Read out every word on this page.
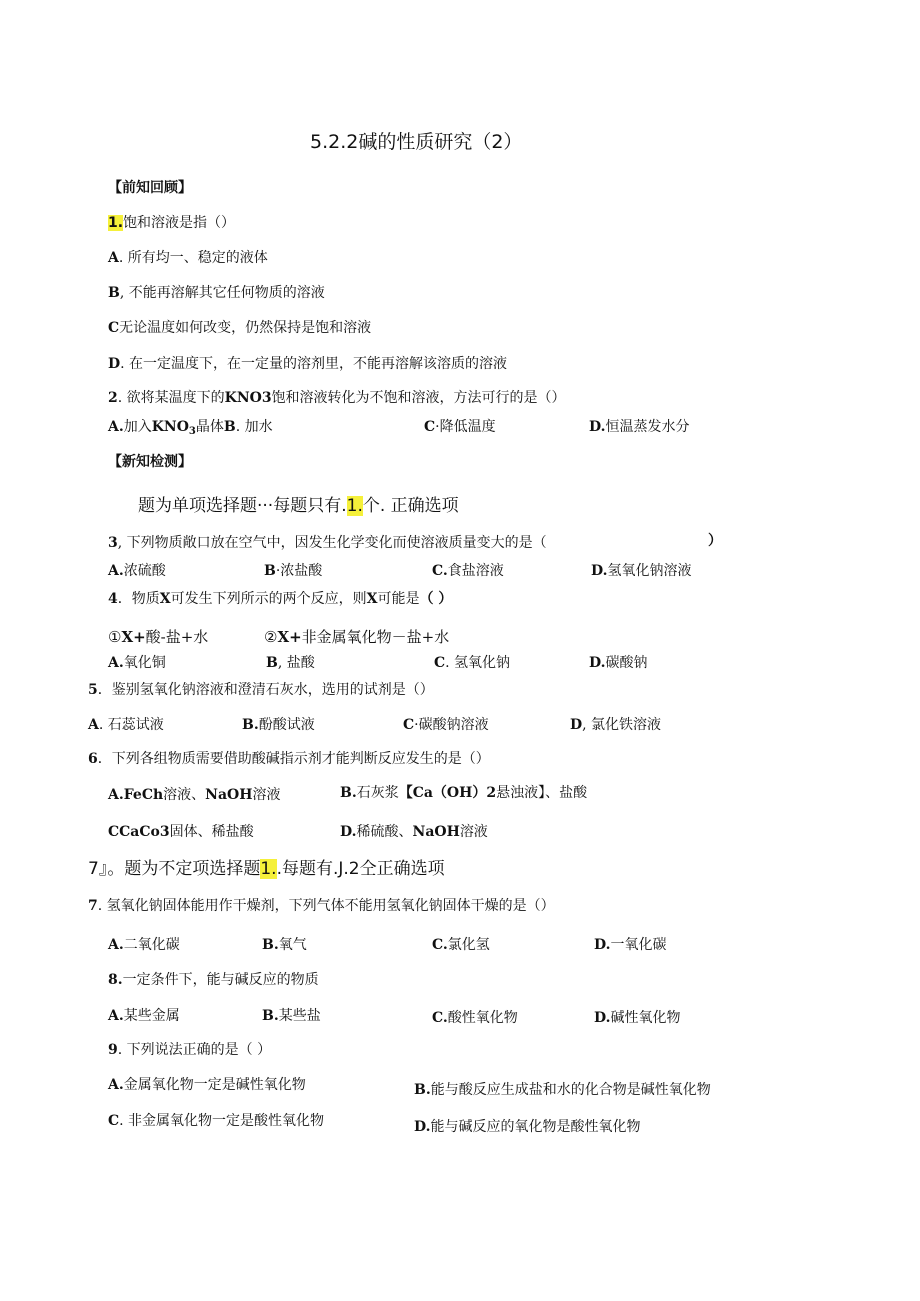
5.2.2碱的性质研究（2）
【前知回顾】
1.饱和溶液是指（）
A. 所有均一、稳定的液体
B, 不能再溶解其它任何物质的溶液
C无论温度如何改变，仍然保持是饱和溶液
D. 在一定温度下，在一定量的溶剂里，不能再溶解该溶质的溶液
2. 欲将某温度下的KNO3饱和溶液转化为不饱和溶液，方法可行的是（）
A.加入$KNO_3$晶体B. 加水	C·降低温度	D.恒温蒸发水分
【新知检测】
题为单项选择题···每题只有.1.个. 正确选项
3, 下列物质敞口放在空气中，因发生化学变化而使溶液质量变大的是（	）
A.浓硫酸	B·浓盐酸	C.食盐溶液	D.氢氧化钠溶液
4．物质X可发生下列所示的两个反应，则X可能是（ ）
①X+酸-盐+水	②X+非金属氧化物－盐+水
A.氧化铜	B, 盐酸	C. 氢氧化钠	D.碳酸钠
5．鉴别氢氧化钠溶液和澄清石灰水，选用的试剂是（）
A. 石蕊试液	B.酚酸试液	C·碳酸钠溶液	D, 氯化铁溶液
6．下列各组物质需要借助酸碱指示剂才能判断反应发生的是（）
A.FeCh溶液、NaOH溶液	B.石灰浆【Ca（OH）2悬浊液】、盐酸
CCaCo3固体、稀盐酸	D.稀硫酸、NaOH溶液
7』。题为不定项选择题1..每题有.J.2仝正确选项
7. 氢氧化钠固体能用作干燥剂，下列气体不能用氢氧化钠固体干燥的是（）
A.二氧化碳	B.氧气	C.氯化氢	D.一氧化碳
8.一定条件下，能与碱反应的物质
A.某些金属	B.某些盐	C.酸性氧化物	D.碱性氧化物
9. 下列说法正确的是（ ）
A.金属氧化物一定是碱性氧化物	B.能与酸反应生成盐和水的化合物是碱性氧化物
C. 非金属氧化物一定是酸性氧化物	D.能与碱反应的氧化物是酸性氧化物
